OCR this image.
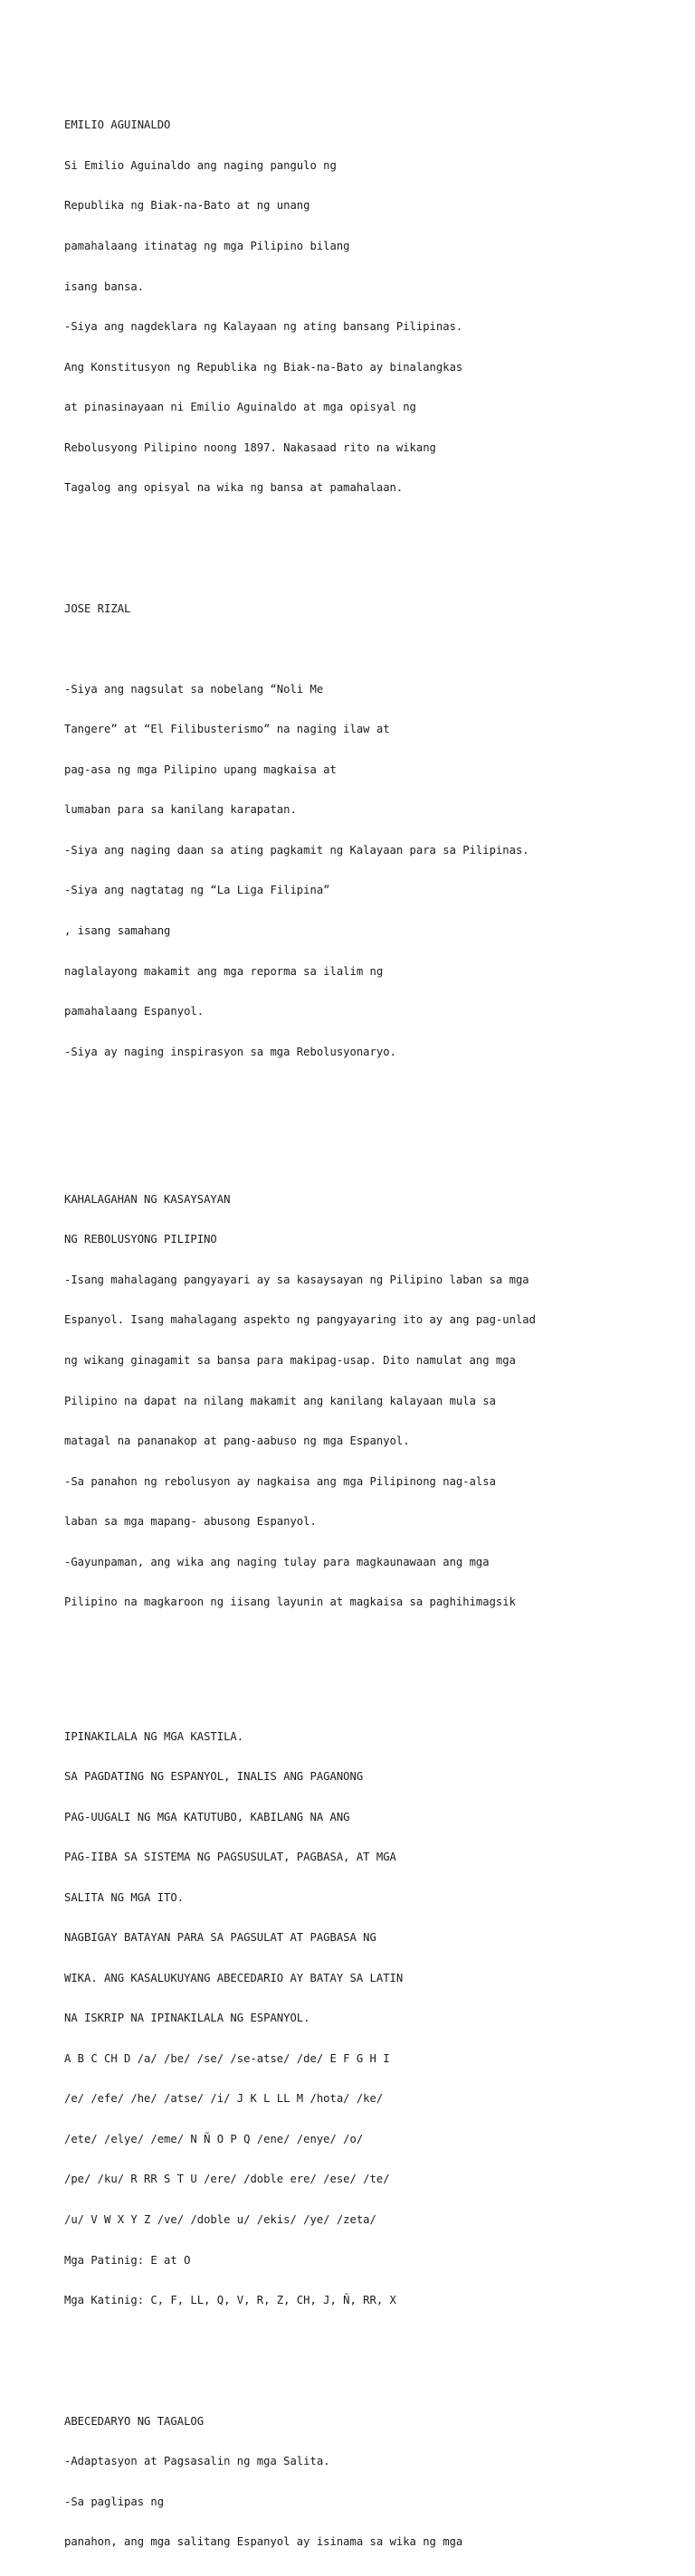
EMILIO AGUINALDO

Si Emilio Aguinaldo ang naging pangulo ng

Republika ng Biak-na-Bato at ng unang

pamahalaang itinatag ng mga Pilipino bilang

isang bansa.

-Siya ang nagdeklara ng Kalayaan ng ating bansang Pilipinas.

Ang Konstitusyon ng Republika ng Biak-na-Bato ay binalangkas

at pinasinayaan ni Emilio Aguinaldo at mga opisyal ng

Rebolusyong Pilipino noong 1897. Nakasaad rito na wikang

Tagalog ang opisyal na wika ng bansa at pamahalaan.

JOSE RIZAL

-Siya ang nagsulat sa nobelang “Noli Me

Tangere” at “El Filibusterismo” na naging ilaw at

pag-asa ng mga Pilipino upang magkaisa at

lumaban para sa kanilang karapatan.

-Siya ang naging daan sa ating pagkamit ng Kalayaan para sa Pilipinas.

-Siya ang nagtatag ng “La Liga Filipina”

, isang samahang

naglalayong makamit ang mga reporma sa ilalim ng

pamahalaang Espanyol.

-Siya ay naging inspirasyon sa mga Rebolusyonaryo.

KAHALAGAHAN NG KASAYSAYAN

NG REBOLUSYONG PILIPINO

-Isang mahalagang pangyayari ay sa kasaysayan ng Pilipino laban sa mga

Espanyol. Isang mahalagang aspekto ng pangyayaring ito ay ang pag-unlad

ng wikang ginagamit sa bansa para makipag-usap. Dito namulat ang mga

Pilipino na dapat na nilang makamit ang kanilang kalayaan mula sa

matagal na pananakop at pang-aabuso ng mga Espanyol.

-Sa panahon ng rebolusyon ay nagkaisa ang mga Pilipinong nag-alsa

laban sa mga mapang- abusong Espanyol.

-Gayunpaman, ang wika ang naging tulay para magkaunawaan ang mga

Pilipino na magkaroon ng iisang layunin at magkaisa sa paghihimagsik

IPINAKILALA NG MGA KASTILA.

SA PAGDATING NG ESPANYOL, INALIS ANG PAGANONG

PAG-UUGALI NG MGA KATUTUBO, KABILANG NA ANG

PAG-IIBA SA SISTEMA NG PAGSUSULAT, PAGBASA, AT MGA

SALITA NG MGA ITO.

NAGBIGAY BATAYAN PARA SA PAGSULAT AT PAGBASA NG

WIKA. ANG KASALUKUYANG ABECEDARIO AY BATAY SA LATIN

NA ISKRIP NA IPINAKILALA NG ESPANYOL.

A B C CH D /a/ /be/ /se/ /se-atse/ /de/ E F G H I

/e/ /efe/ /he/ /atse/ /i/ J K L LL M /hota/ /ke/

/ete/ /elye/ /eme/ N Ñ O P Q /ene/ /enye/ /o/

/pe/ /ku/ R RR S T U /ere/ /doble ere/ /ese/ /te/

/u/ V W X Y Z /ve/ /doble u/ /ekis/ /ye/ /zeta/

Mga Patinig: E at O

Mga Katinig: C, F, LL, Q, V, R, Z, CH, J, Ñ, RR, X

ABECEDARYO NG TAGALOG

-Adaptasyon at Pagsasalin ng mga Salita.

-Sa paglipas ng

panahon, ang mga salitang Espanyol ay isinama sa wika ng mga
